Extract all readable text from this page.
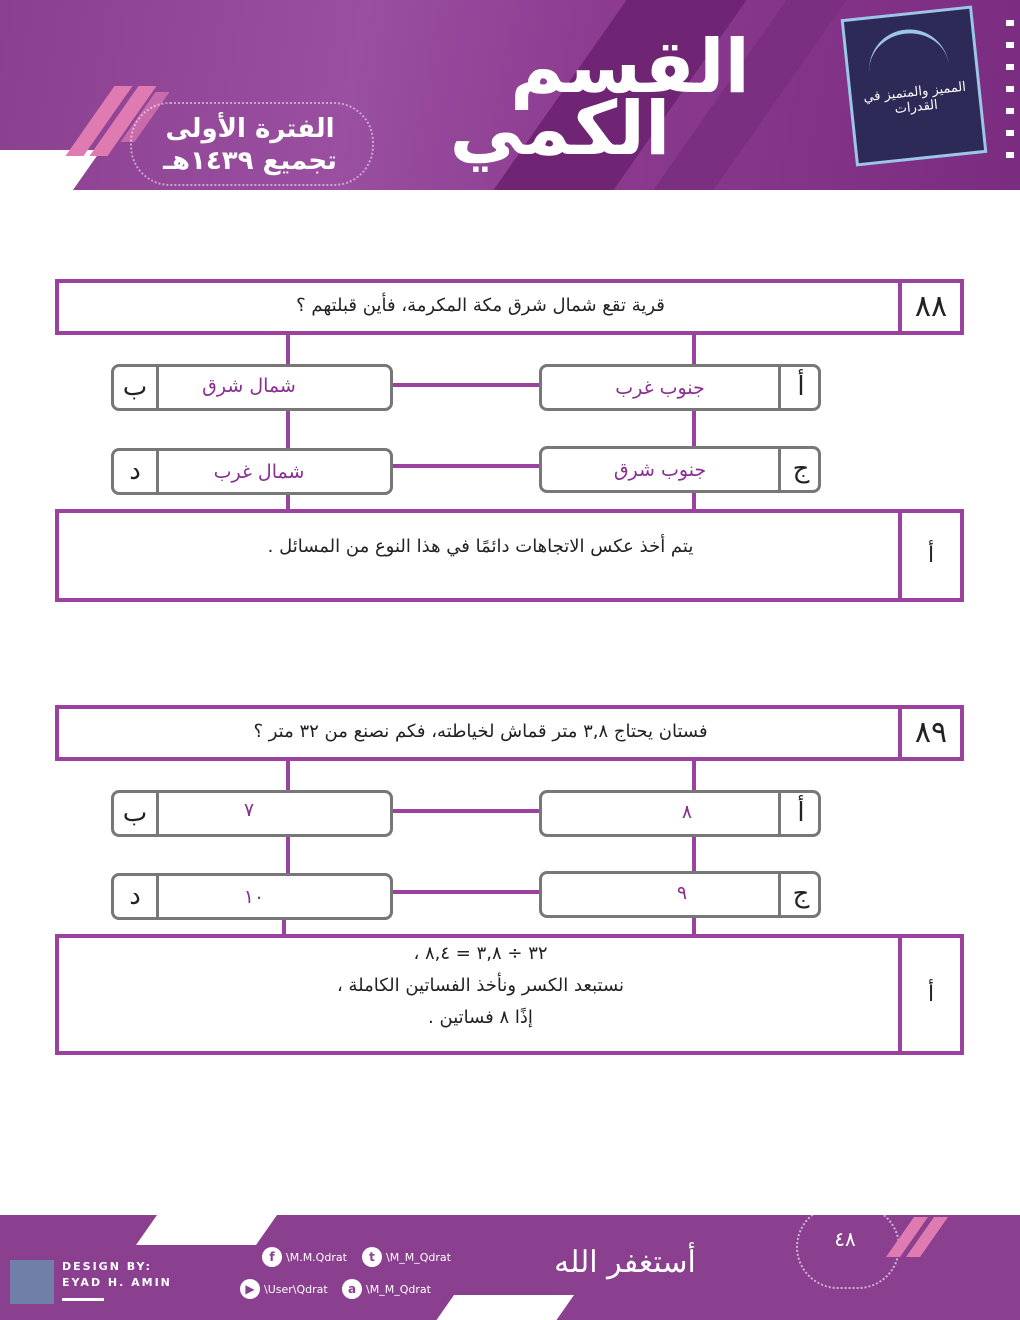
القسم
الكمي
الفترة الأولى
تجميع ١٤٣٩هـ
المميز والمتميز في القدرات
قرية تقع شمال شرق مكة المكرمة، فأين قبلتهم ؟	٨٨
جنوب غرب	أ
ب	شمال شرق
جنوب شرق	ج
د	شمال غرب
يتم أخذ عكس الاتجاهات دائمًا في هذا النوع من المسائل .	أ
فستان يحتاج ٣,٨ متر قماش لخياطته، فكم نصنع من ٣٢ متر ؟	٨٩
٨	أ
ب	٧
٩	ج
د	١٠
٣٢ ÷ ٣,٨ = ٨,٤ ،
نستبعد الكسر ونأخذ الفساتين الكاملة ،
إذًا ٨ فساتين .
أ
DESIGN BY:
EYAD H. AMIN
f	\M.M.Qdrat	t	\M_M_Qdrat
▶ \User\Qdrat	a \M_M_Qdrat
أستغفر الله
٤٨
